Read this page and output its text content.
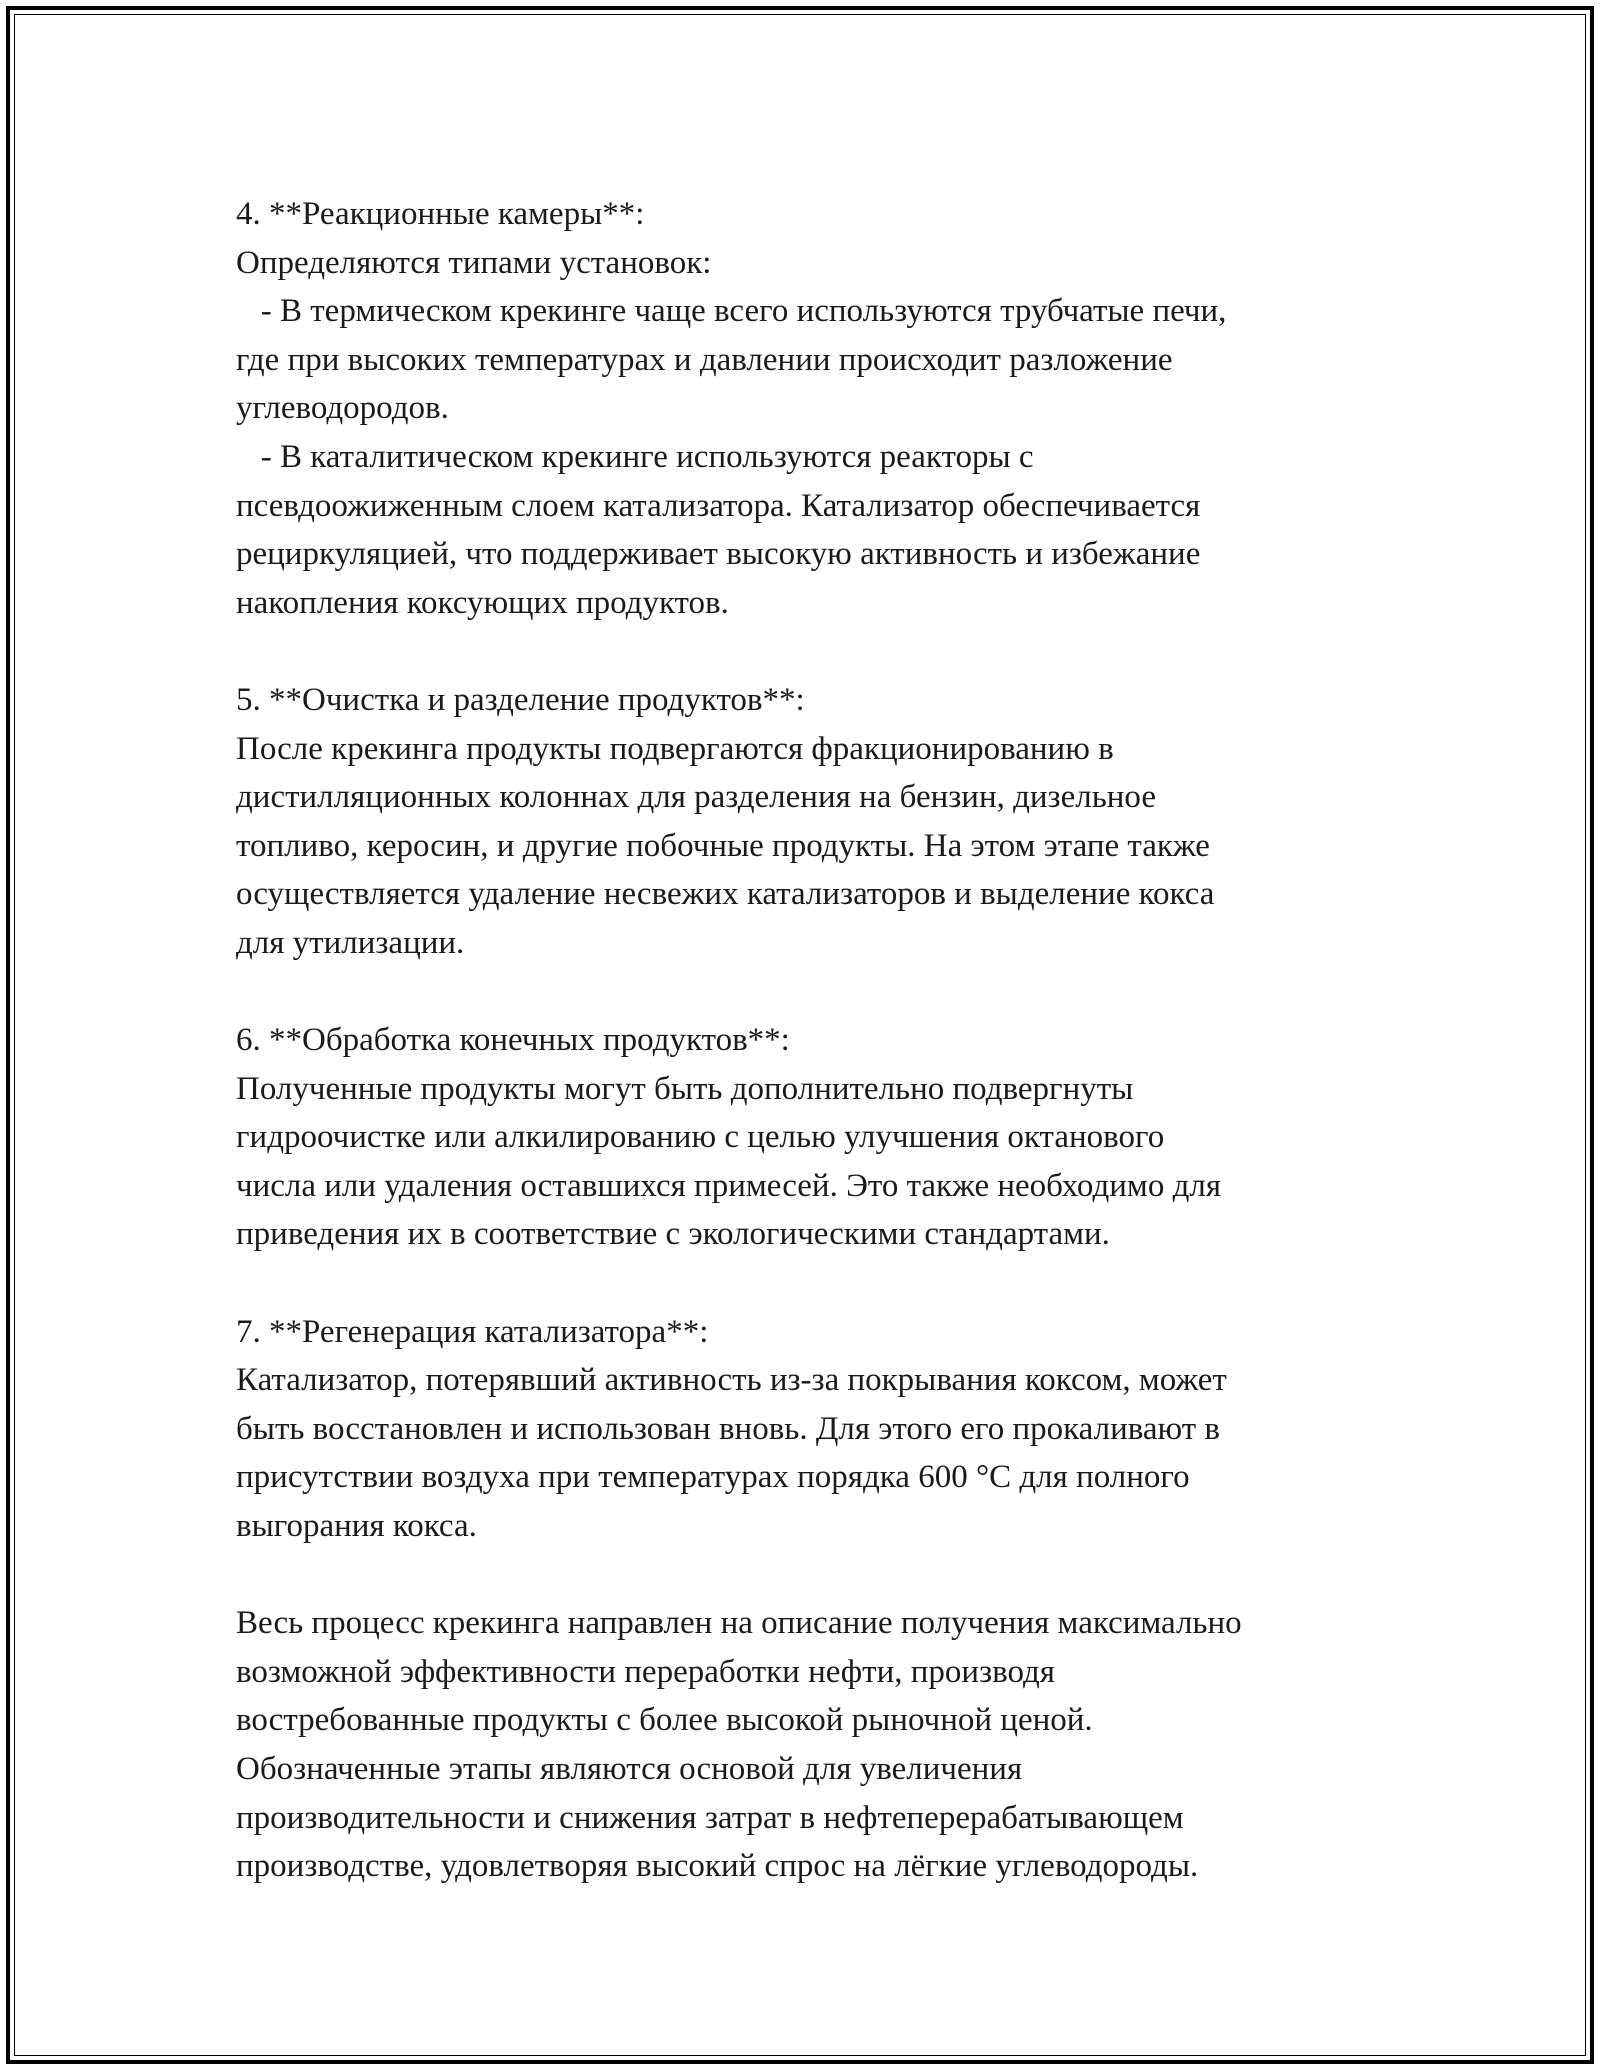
4. **Реакционные камеры**:
Определяются типами установок:
- В термическом крекинге чаще всего используются трубчатые печи,
где при высоких температурах и давлении происходит разложение
углеводородов.
- В каталитическом крекинге используются реакторы с
псевдоожиженным слоем катализатора. Катализатор обеспечивается
рециркуляцией, что поддерживает высокую активность и избежание
накопления коксующих продуктов.
5. **Очистка и разделение продуктов**:
После крекинга продукты подвергаются фракционированию в
дистилляционных колоннах для разделения на бензин, дизельное
топливо, керосин, и другие побочные продукты. На этом этапе также
осуществляется удаление несвежих катализаторов и выделение кокса
для утилизации.
6. **Обработка конечных продуктов**:
Полученные продукты могут быть дополнительно подвергнуты
гидроочистке или алкилированию с целью улучшения октанового
числа или удаления оставшихся примесей. Это также необходимо для
приведения их в соответствие с экологическими стандартами.
7. **Регенерация катализатора**:
Катализатор, потерявший активность из-за покрывания коксом, может
быть восстановлен и использован вновь. Для этого его прокаливают в
присутствии воздуха при температурах порядка 600 °C для полного
выгорания кокса.
Весь процесс крекинга направлен на описание получения максимально
возможной эффективности переработки нефти, производя
востребованные продукты с более высокой рыночной ценой.
Обозначенные этапы являются основой для увеличения
производительности и снижения затрат в нефтеперерабатывающем
производстве, удовлетворяя высокий спрос на лёгкие углеводороды.
